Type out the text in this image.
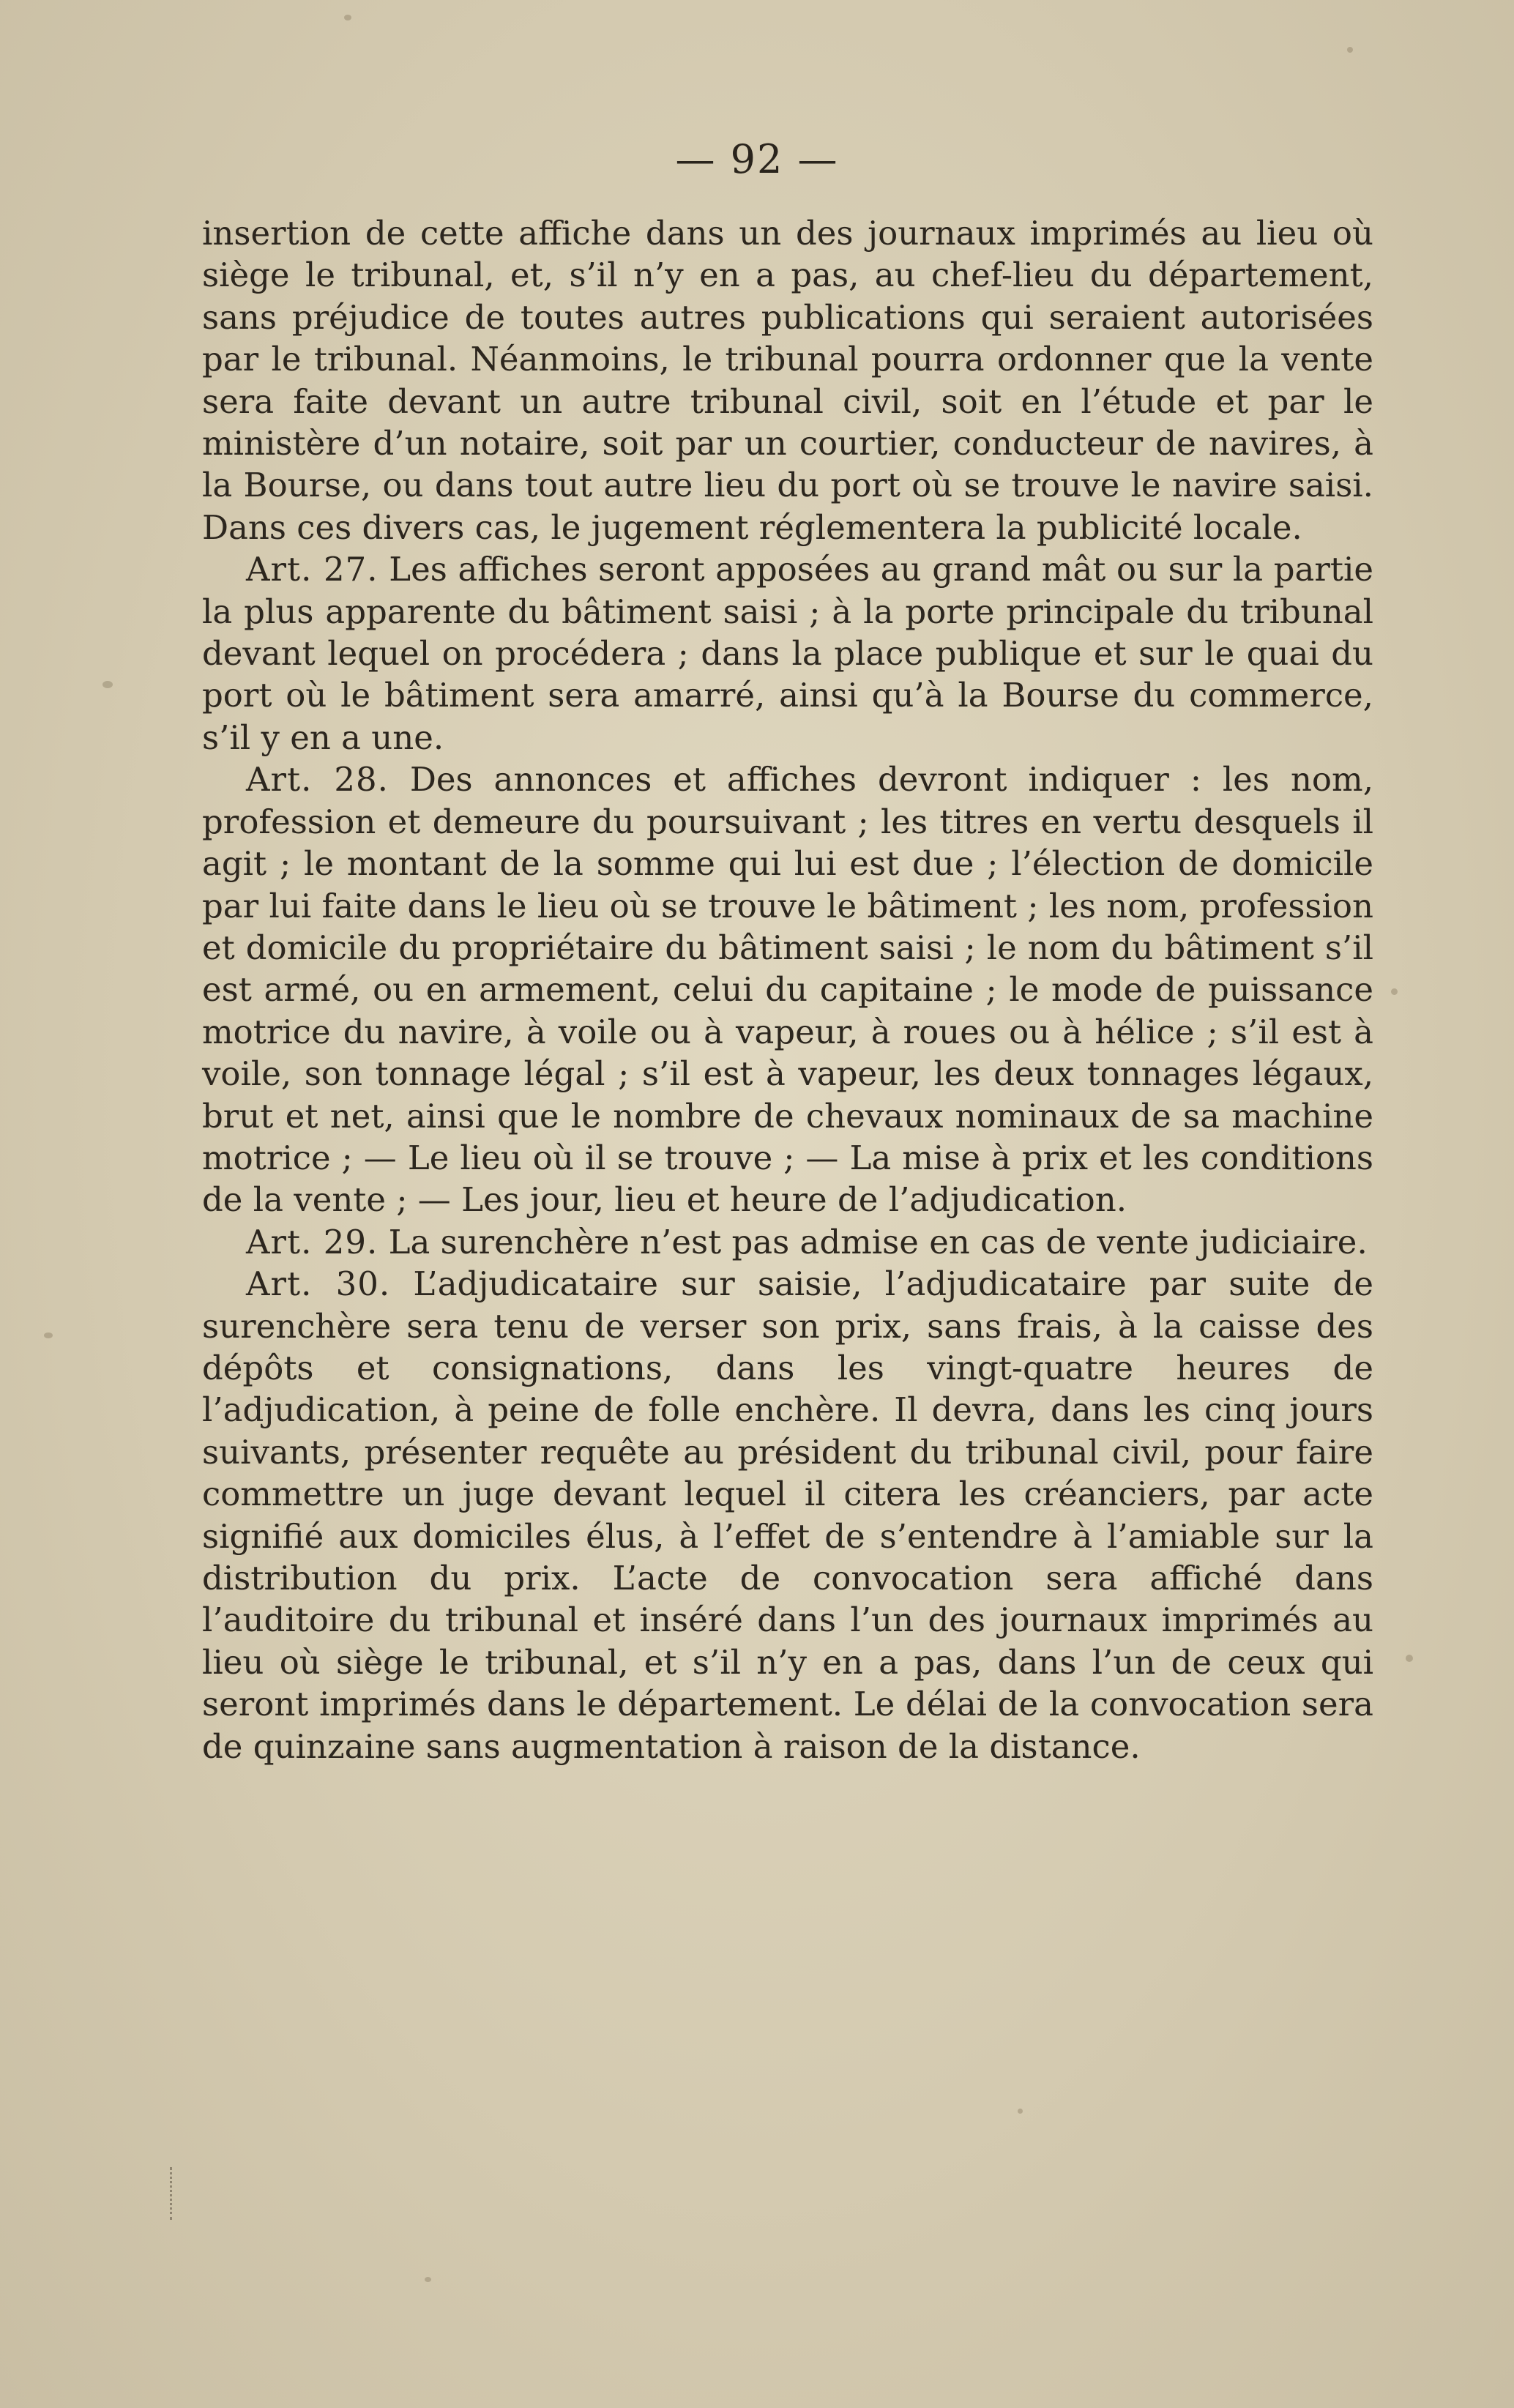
— 92 —

insertion de cette affiche dans un des journaux imprimés au lieu où siège le tribunal, et, s’il n’y en a pas, au chef-lieu du département, sans préjudice de toutes autres publications qui seraient autorisées par le tribunal. Néanmoins, le tribunal pourra ordonner que la vente sera faite devant un autre tribunal civil, soit en l’étude et par le ministère d’un notaire, soit par un courtier, conducteur de navires, à la Bourse, ou dans tout autre lieu du port où se trouve le navire saisi. Dans ces divers cas, le jugement réglementera la publicité locale.

Art. 27. Les affiches seront apposées au grand mât ou sur la partie la plus apparente du bâtiment saisi ; à la porte principale du tribunal devant lequel on procédera ; dans la place publique et sur le quai du port où le bâtiment sera amarré, ainsi qu’à la Bourse du commerce, s’il y en a une.

Art. 28. Des annonces et affiches devront indiquer : les nom, profession et demeure du poursuivant ; les titres en vertu desquels il agit ; le montant de la somme qui lui est due ; l’élection de domicile par lui faite dans le lieu où se trouve le bâtiment ; les nom, profession et domicile du propriétaire du bâtiment saisi ; le nom du bâtiment s’il est armé, ou en armement, celui du capitaine ; le mode de puissance motrice du navire, à voile ou à vapeur, à roues ou à hélice ; s’il est à voile, son tonnage légal ; s’il est à vapeur, les deux tonnages légaux, brut et net, ainsi que le nombre de chevaux nominaux de sa machine motrice ; — Le lieu où il se trouve ; — La mise à prix et les conditions de la vente ; — Les jour, lieu et heure de l’adjudication.

Art. 29. La surenchère n’est pas admise en cas de vente judiciaire.

Art. 30. L’adjudicataire sur saisie, l’adjudicataire par suite de surenchère sera tenu de verser son prix, sans frais, à la caisse des dépôts et consignations, dans les vingt-quatre heures de l’adjudication, à peine de folle enchère. Il devra, dans les cinq jours suivants, présenter requête au président du tribunal civil, pour faire commettre un juge devant lequel il citera les créanciers, par acte signifié aux domiciles élus, à l’effet de s’entendre à l’amiable sur la distribution du prix. L’acte de convocation sera affiché dans l’auditoire du tribunal et inséré dans l’un des journaux imprimés au lieu où siège le tribunal, et s’il n’y en a pas, dans l’un de ceux qui seront imprimés dans le département. Le délai de la convocation sera de quinzaine sans augmentation à raison de la distance.
